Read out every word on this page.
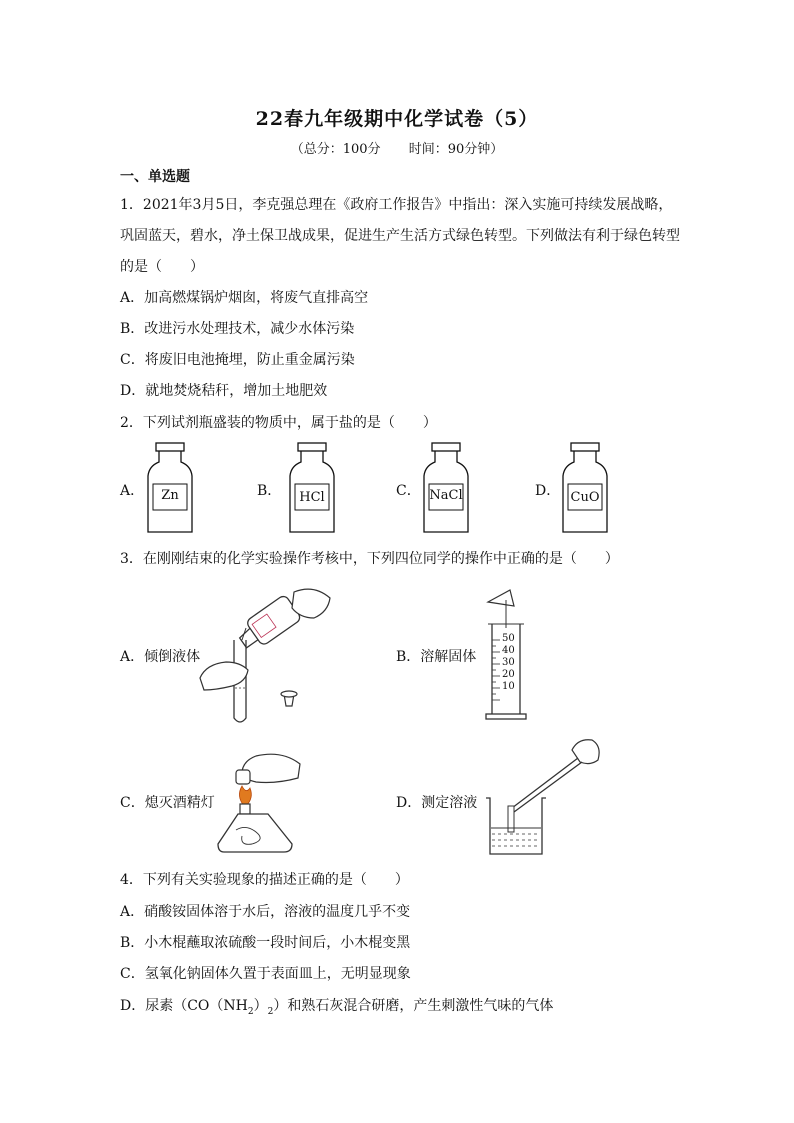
22春九年级期中化学试卷（5）
（总分：100分 时间：90分钟）
一、单选题
1．2021年3月5日，李克强总理在《政府工作报告》中指出：深入实施可持续发展战略，
巩固蓝天，碧水，净土保卫战成果，促进生产生活方式绿色转型。下列做法有利于绿色转型
的是（　　）
A．加高燃煤锅炉烟囱，将废气直排高空
B．改进污水处理技术，减少水体污染
C．将废旧电池掩埋，防止重金属污染
D．就地焚烧秸秆，增加土地肥效
2．下列试剂瓶盛装的物质中，属于盐的是（　　）
A．	Zn	B．	HCl	C． NaCl	D． CuO
3．在刚刚结束的化学实验操作考核中，下列四位同学的操作中正确的是（　　）
A．倾倒液体	B．溶解固体
50
40
30
20
10
C．熄灭酒精灯	D．测定溶液
4．下列有关实验现象的描述正确的是（　　）
A．硝酸铵固体溶于水后，溶液的温度几乎不变
B．小木棍蘸取浓硫酸一段时间后，小木棍变黑
C．氢氧化钠固体久置于表面皿上，无明显现象
D．尿素$(CO(NH_2)_2)$和熟石灰混合研磨，产生刺激性气味的气体
